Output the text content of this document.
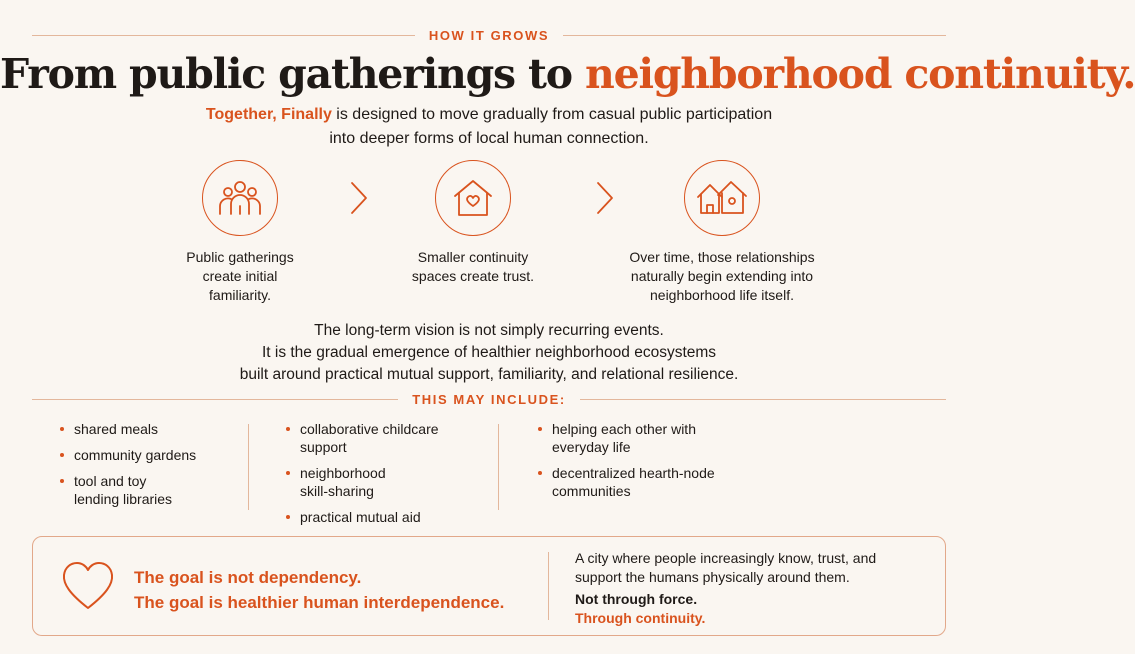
HOW IT GROWS
From public gatherings to neighborhood continuity.
Together, Finally is designed to move gradually from casual public participation
into deeper forms of local human connection.
Public gatherings create initial familiarity.
Smaller continuity spaces create trust.
Over time, those relationships naturally begin extending into neighborhood life itself.
The long-term vision is not simply recurring events.
It is the gradual emergence of healthier neighborhood ecosystems
built around practical mutual support, familiarity, and relational resilience.
THIS MAY INCLUDE:
shared meals
community gardens
tool and toy lending libraries
collaborative childcare support
neighborhood skill-sharing
practical mutual aid
helping each other with everyday life
decentralized hearth-node communities
The goal is not dependency.
The goal is healthier human interdependence.
A city where people increasingly know, trust, and support the humans physically around them.
Not through force.
Through continuity.
